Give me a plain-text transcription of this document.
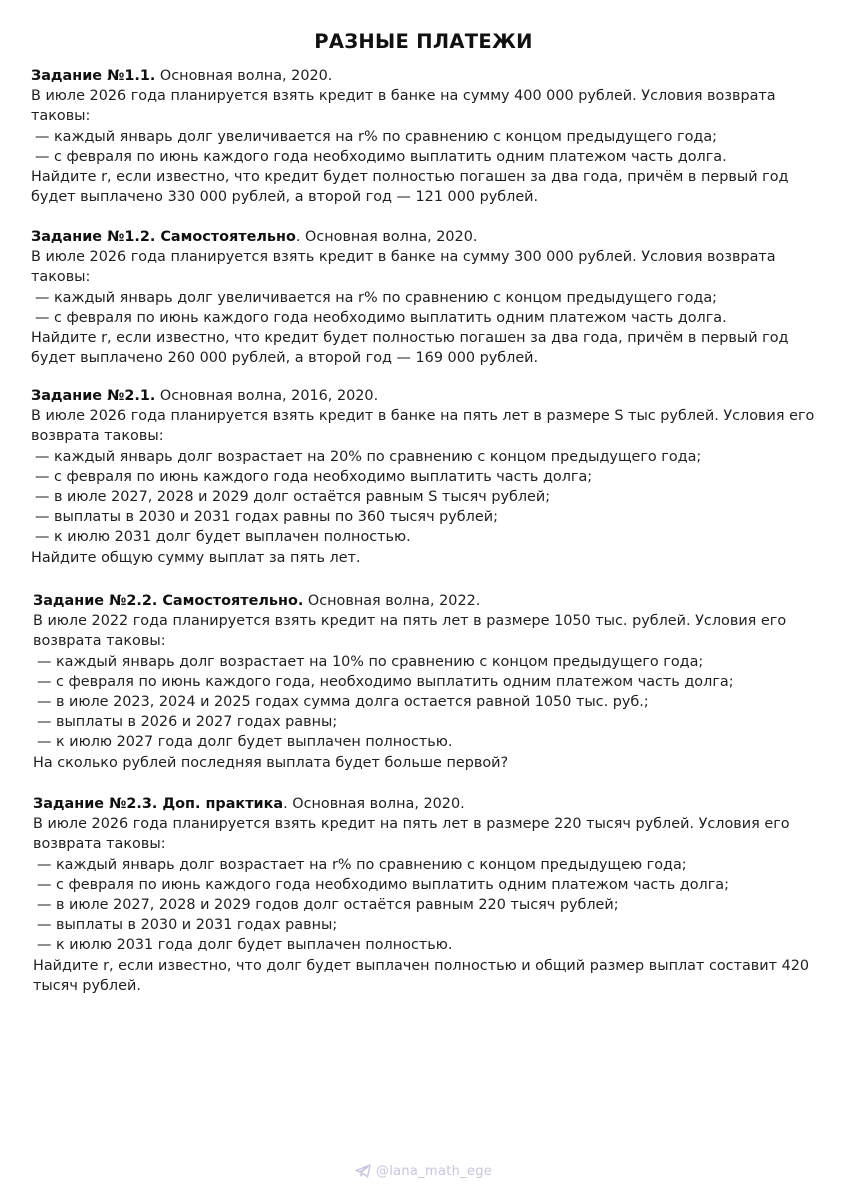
РАЗНЫЕ ПЛАТЕЖИ
Задание №1.1. Основная волна, 2020.
В июле 2026 года планируется взять кредит в банке на сумму 400 000 рублей. Условия возврата
таковы:
— каждый январь долг увеличивается на r% по сравнению с концом предыдущего года;
— с февраля по июнь каждого года необходимо выплатить одним платежом часть долга.
Найдите r, если известно, что кредит будет полностью погашен за два года, причём в первый год
будет выплачено 330 000 рублей, а второй год — 121 000 рублей.
Задание №1.2. Самостоятельно. Основная волна, 2020.
В июле 2026 года планируется взять кредит в банке на сумму 300 000 рублей. Условия возврата
таковы:
— каждый январь долг увеличивается на r% по сравнению с концом предыдущего года;
— с февраля по июнь каждого года необходимо выплатить одним платежом часть долга.
Найдите r, если известно, что кредит будет полностью погашен за два года, причём в первый год
будет выплачено 260 000 рублей, а второй год — 169 000 рублей.
Задание №2.1. Основная волна, 2016, 2020.
В июле 2026 года планируется взять кредит в банке на пять лет в размере S тыс рублей. Условия его
возврата таковы:
— каждый январь долг возрастает на 20% по сравнению с концом предыдущего года;
— с февраля по июнь каждого года необходимо выплатить часть долга;
— в июле 2027, 2028 и 2029 долг остаётся равным S тысяч рублей;
— выплаты в 2030 и 2031 годах равны по 360 тысяч рублей;
— к июлю 2031 долг будет выплачен полностью.
Найдите общую сумму выплат за пять лет.
Задание №2.2. Самостоятельно. Основная волна, 2022.
В июле 2022 года планируется взять кредит на пять лет в размере 1050 тыс. рублей. Условия его
возврата таковы:
— каждый январь долг возрастает на 10% по сравнению с концом предыдущего года;
— с февраля по июнь каждого года, необходимо выплатить одним платежом часть долга;
— в июле 2023, 2024 и 2025 годах сумма долга остается равной 1050 тыс. руб.;
— выплаты в 2026 и 2027 годах равны;
— к июлю 2027 года долг будет выплачен полностью.
На сколько рублей последняя выплата будет больше первой?
Задание №2.3. Доп. практика. Основная волна, 2020.
В июле 2026 года планируется взять кредит на пять лет в размере 220 тысяч рублей. Условия его
возврата таковы:
— каждый январь долг возрастает на r% по сравнению с концом предыдущею года;
— с февраля по июнь каждого года необходимо выплатить одним платежом часть долга;
— в июле 2027, 2028 и 2029 годов долг остаётся равным 220 тысяч рублей;
— выплаты в 2030 и 2031 годах равны;
— к июлю 2031 года долг будет выплачен полностью.
Найдите r, если известно, что долг будет выплачен полностью и общий размер выплат составит 420
тысяч рублей.
@lana_math_ege
